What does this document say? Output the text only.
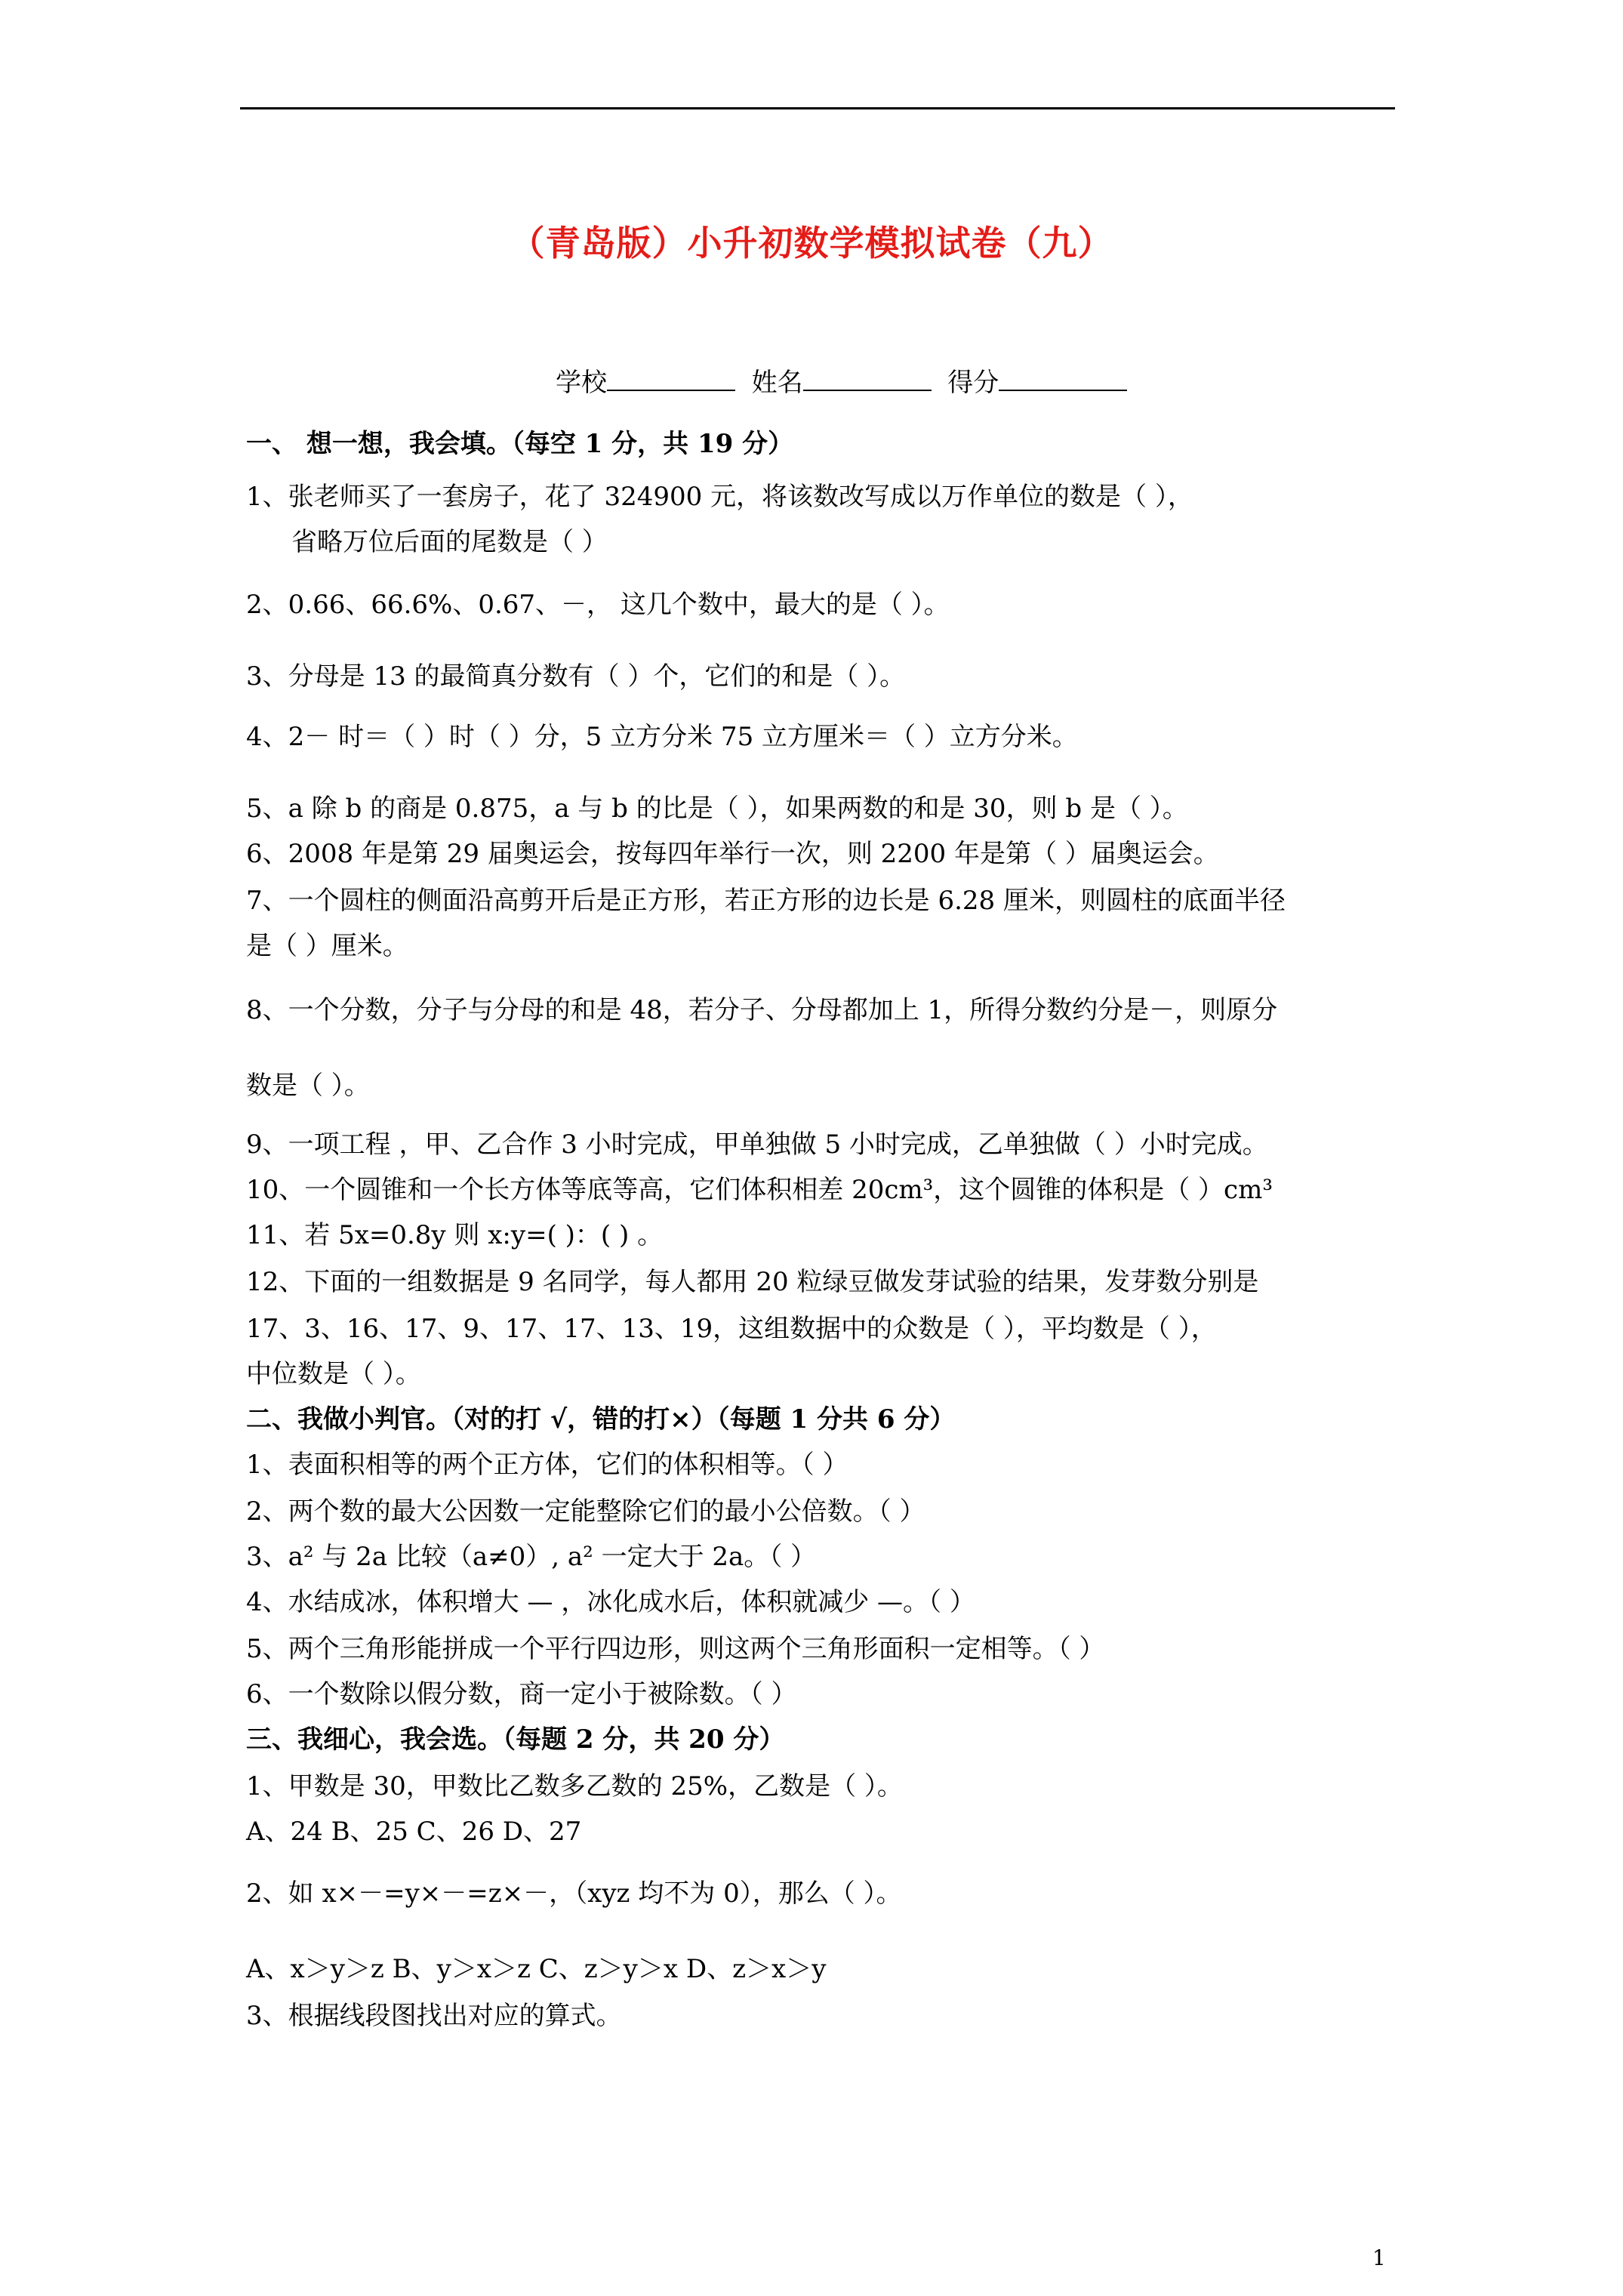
（青岛版）小升初数学模拟试卷（九）
学校	姓名	得分
一、 想一想，我会填。（每空 1 分，共 19 分）
1、张老师买了一套房子，花了 324900 元，将该数改写成以万作单位的数是（ ），
省略万位后面的尾数是（ ）
2、0.66、66.6%、0.67、－， 这几个数中，最大的是（ ）。
3、分母是 13 的最简真分数有（ ）个，它们的和是（ ）。
4、2－ 时＝（ ）时（ ）分，5 立方分米 75 立方厘米＝（ ）立方分米。
5、a 除 b 的商是 0.875，a 与 b 的比是（ ），如果两数的和是 30，则 b 是（ ）。
6、2008 年是第 29 届奥运会，按每四年举行一次，则 2200 年是第（ ）届奥运会。
7、一个圆柱的侧面沿高剪开后是正方形，若正方形的边长是 6.28 厘米，则圆柱的底面半径
是（ ）厘米。
8、一个分数，分子与分母的和是 48，若分子、分母都加上 1，所得分数约分是－，则原分
数是（ ）。
9、一项工程 ，甲、乙合作 3 小时完成，甲单独做 5 小时完成，乙单独做（ ）小时完成。
10、一个圆锥和一个长方体等底等高，它们体积相差 20cm³，这个圆锥的体积是（ ）cm³
11、若 5x=0.8y 则 x:y=( )：( ) 。
12、下面的一组数据是 9 名同学，每人都用 20 粒绿豆做发芽试验的结果，发芽数分别是
17、3、16、17、9、17、17、13、19，这组数据中的众数是（ ），平均数是（ ），
中位数是（ ）。
二、我做小判官。（对的打 √，错的打×）（每题 1 分共 6 分）
1、表面积相等的两个正方体，它们的体积相等。（ ）
2、两个数的最大公因数一定能整除它们的最小公倍数。（ ）
3、a² 与 2a 比较（a≠0）, a² 一定大于 2a。（ ）
4、水结成冰，体积增大 — ，冰化成水后，体积就减少 —。（ ）
5、两个三角形能拼成一个平行四边形，则这两个三角形面积一定相等。（ ）
6、一个数除以假分数，商一定小于被除数。（ ）
三、我细心，我会选。（每题 2 分，共 20 分）
1、甲数是 30，甲数比乙数多乙数的 25%，乙数是（ ）。
A、24 B、25 C、26 D、27
2、如 x×－=y×－=z×－，（xyz 均不为 0），那么（ ）。
A、x＞y＞z B、y＞x＞z C、z＞y＞x D、z＞x＞y
3、根据线段图找出对应的算式。
1
